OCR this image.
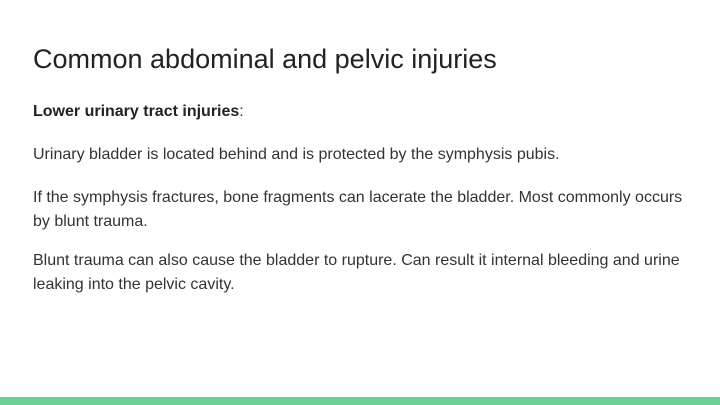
Common abdominal and pelvic injuries

Lower urinary tract injuries:

Urinary bladder is located behind and is protected by the symphysis pubis.

If the symphysis fractures, bone fragments can lacerate the bladder. Most commonly occurs by blunt trauma.

Blunt trauma can also cause the bladder to rupture. Can result it internal bleeding and urine leaking into the pelvic cavity.
